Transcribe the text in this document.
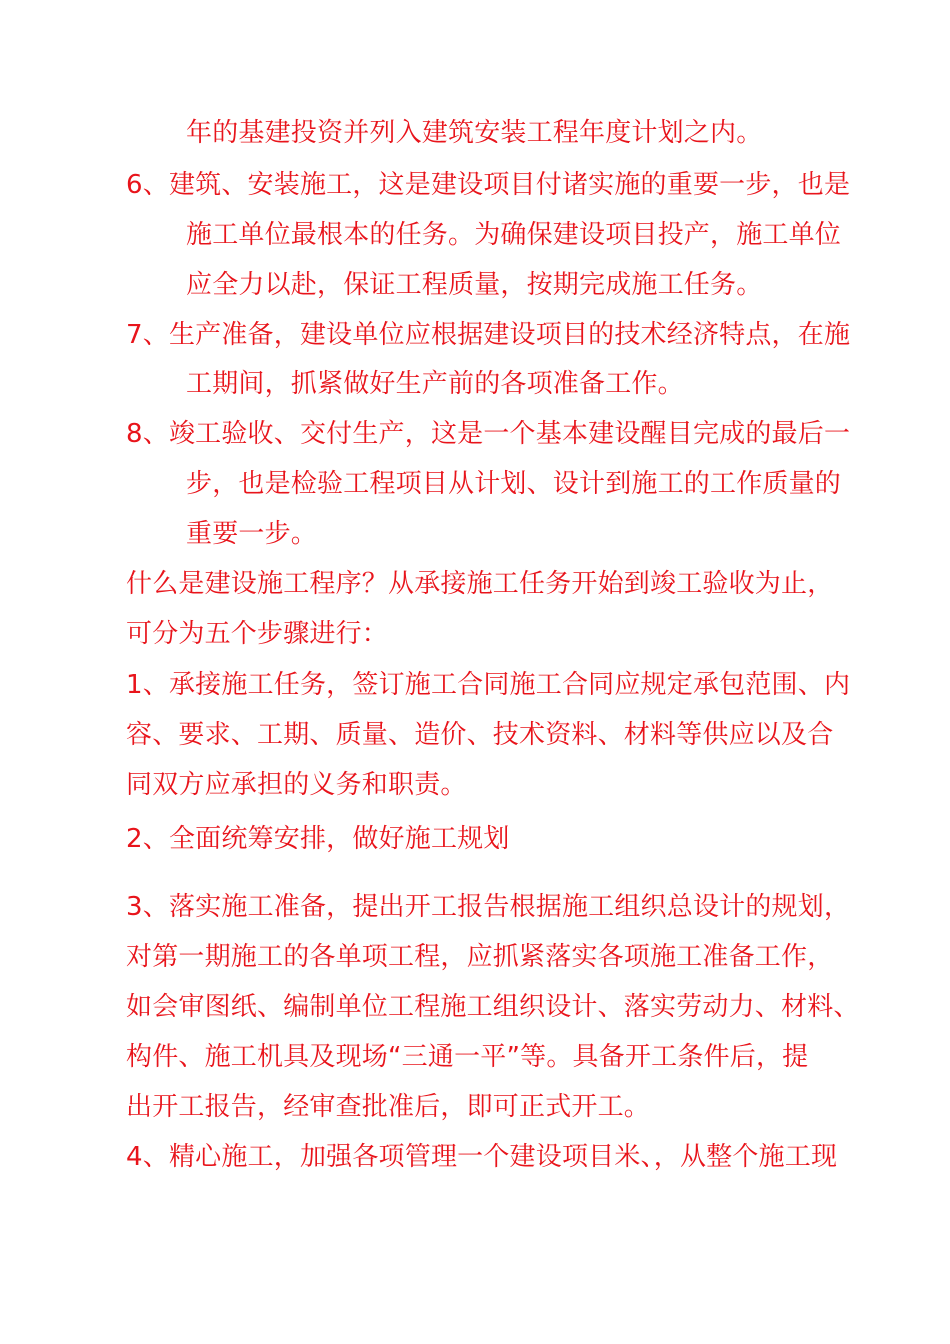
年的基建投资并列入建筑安装工程年度计划之内。
6、建筑、安装施工，这是建设项目付诸实施的重要一步，也是
施工单位最根本的任务。为确保建设项目投产，施工单位
应全力以赴，保证工程质量，按期完成施工任务。
7、生产准备，建设单位应根据建设项目的技术经济特点，在施
工期间，抓紧做好生产前的各项准备工作。
8、竣工验收、交付生产，这是一个基本建设醒目完成的最后一
步，也是检验工程项目从计划、设计到施工的工作质量的
重要一步。
什么是建设施工程序？从承接施工任务开始到竣工验收为止，
可分为五个步骤进行：
1、承接施工任务，签订施工合同施工合同应规定承包范围、内
容、要求、工期、质量、造价、技术资料、材料等供应以及合
同双方应承担的义务和职责。
2、全面统筹安排，做好施工规划
3、落实施工准备，提出开工报告根据施工组织总设计的规划，
对第一期施工的各单项工程，应抓紧落实各项施工准备工作，
如会审图纸、编制单位工程施工组织设计、落实劳动力、材料、
构件、施工机具及现场“三通一平”等。具备开工条件后，提
出开工报告，经审查批准后，即可正式开工。
4、精心施工，加强各项管理一个建设项目米、，从整个施工现
